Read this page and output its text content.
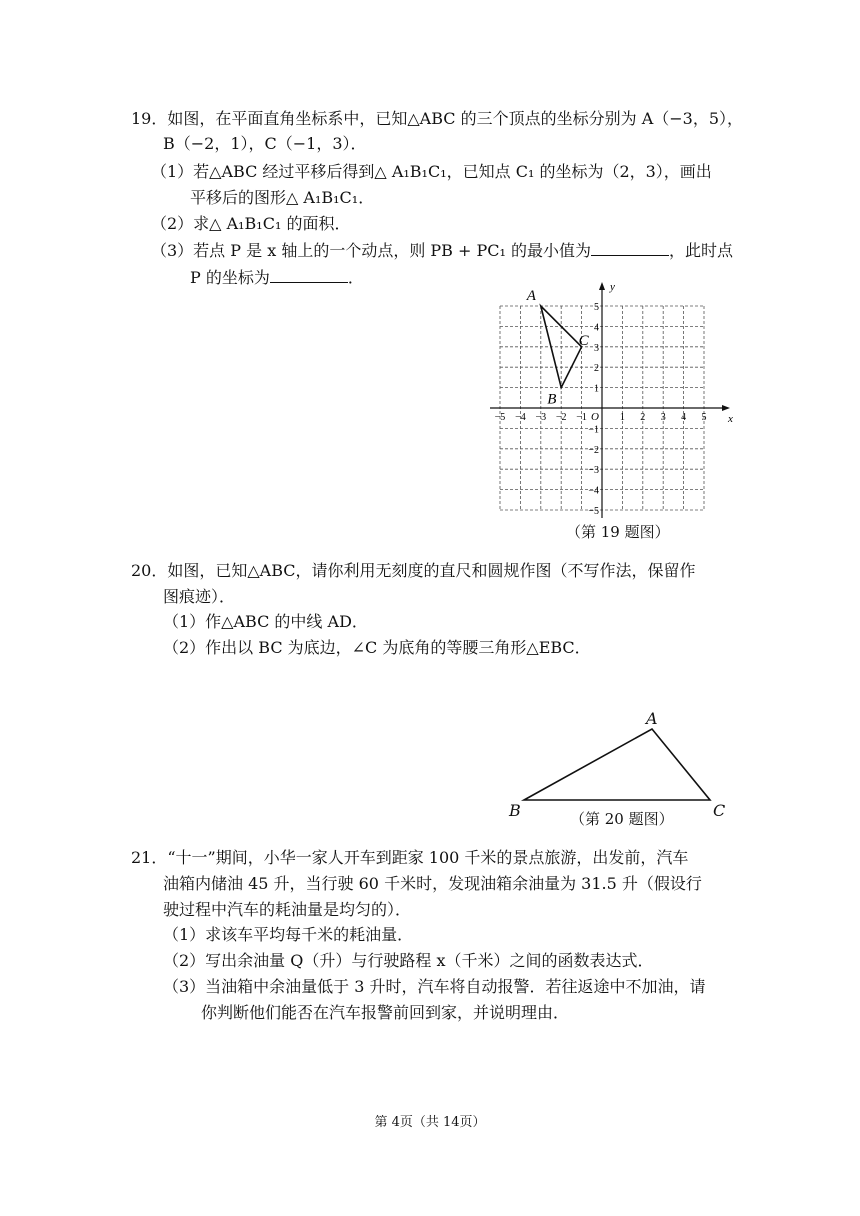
19．如图，在平面直角坐标系中，已知△ABC 的三个顶点的坐标分别为 A（−3，5），
B（−2，1），C（−1，3）．
（1）若△ABC 经过平移后得到△ A₁B₁C₁，已知点 C₁ 的坐标为（2，3），画出
平移后的图形△ A₁B₁C₁．
（2）求△ A₁B₁C₁ 的面积．
（3）若点 P 是 x 轴上的一个动点，则 PB + PC₁ 的最小值为	，此时点
P 的坐标为	．
x
y
O
−5 −4 −3 −2 −1	1 2 3 4 5
1
2
3
4
5
−1
−2
−3
−4
−5
A
B
C
（第 19 题图）
20．如图，已知△ABC，请你利用无刻度的直尺和圆规作图（不写作法，保留作
图痕迹）．
（1）作△ABC 的中线 AD．
（2）作出以 BC 为底边，∠C 为底角的等腰三角形△EBC．
A
B	C
（第 20 题图）
21．“十一”期间，小华一家人开车到距家 100 千米的景点旅游，出发前，汽车
油箱内储油 45 升，当行驶 60 千米时，发现油箱余油量为 31.5 升（假设行
驶过程中汽车的耗油量是均匀的）．
（1）求该车平均每千米的耗油量．
（2）写出余油量 Q（升）与行驶路程 x（千米）之间的函数表达式．
（3）当油箱中余油量低于 3 升时，汽车将自动报警．若往返途中不加油，请
你判断他们能否在汽车报警前回到家，并说明理由．
第 4页（共 14页）
